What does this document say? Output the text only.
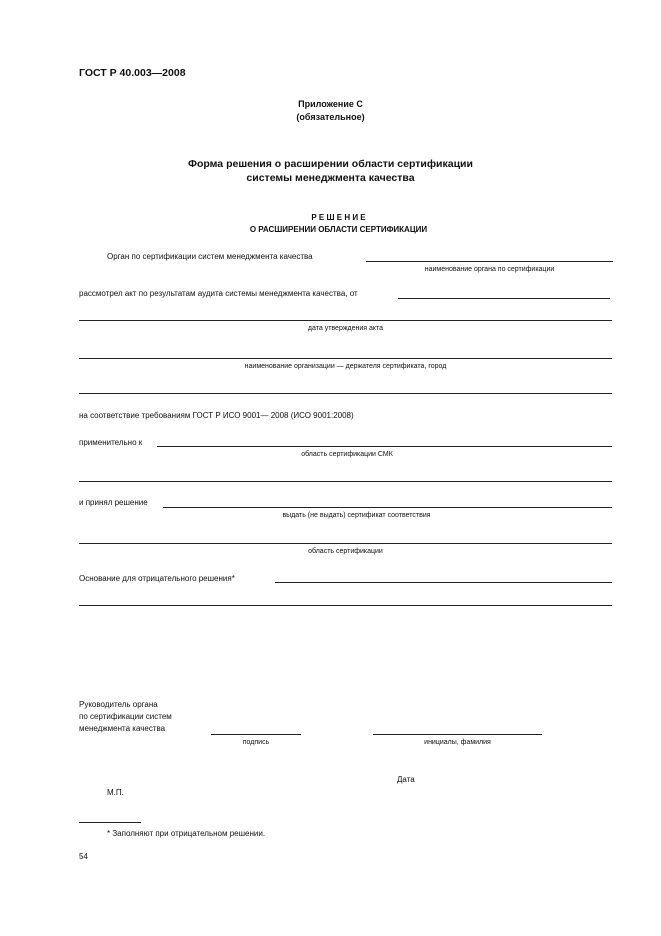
ГОСТ Р 40.003—2008
Приложение С
(обязательное)
Форма решения о расширении области сертификации
системы менеджмента качества
Р Е Ш Е Н И Е
О РАСШИРЕНИИ ОБЛАСТИ СЕРТИФИКАЦИИ
Орган по сертификации систем менеджмента качества
наименование органа по сертификации
рассмотрел акт по результатам аудита системы менеджмента качества, от
дата утверждения акта
наименование организации — держателя сертификата, город
на соответствие требованиям ГОСТ Р ИСО 9001— 2008 (ИСО 9001:2008)
применительно к
область сертификации СМК
и принял решение
выдать (не выдать) сертификат соответствия
область сертификации
Основание для отрицательного решения*
Руководитель органа
по сертификации систем
менеджмента качества
подпись	инициалы, фамилия
Дата
М.П.
* Заполняют при отрицательном решении.
54
